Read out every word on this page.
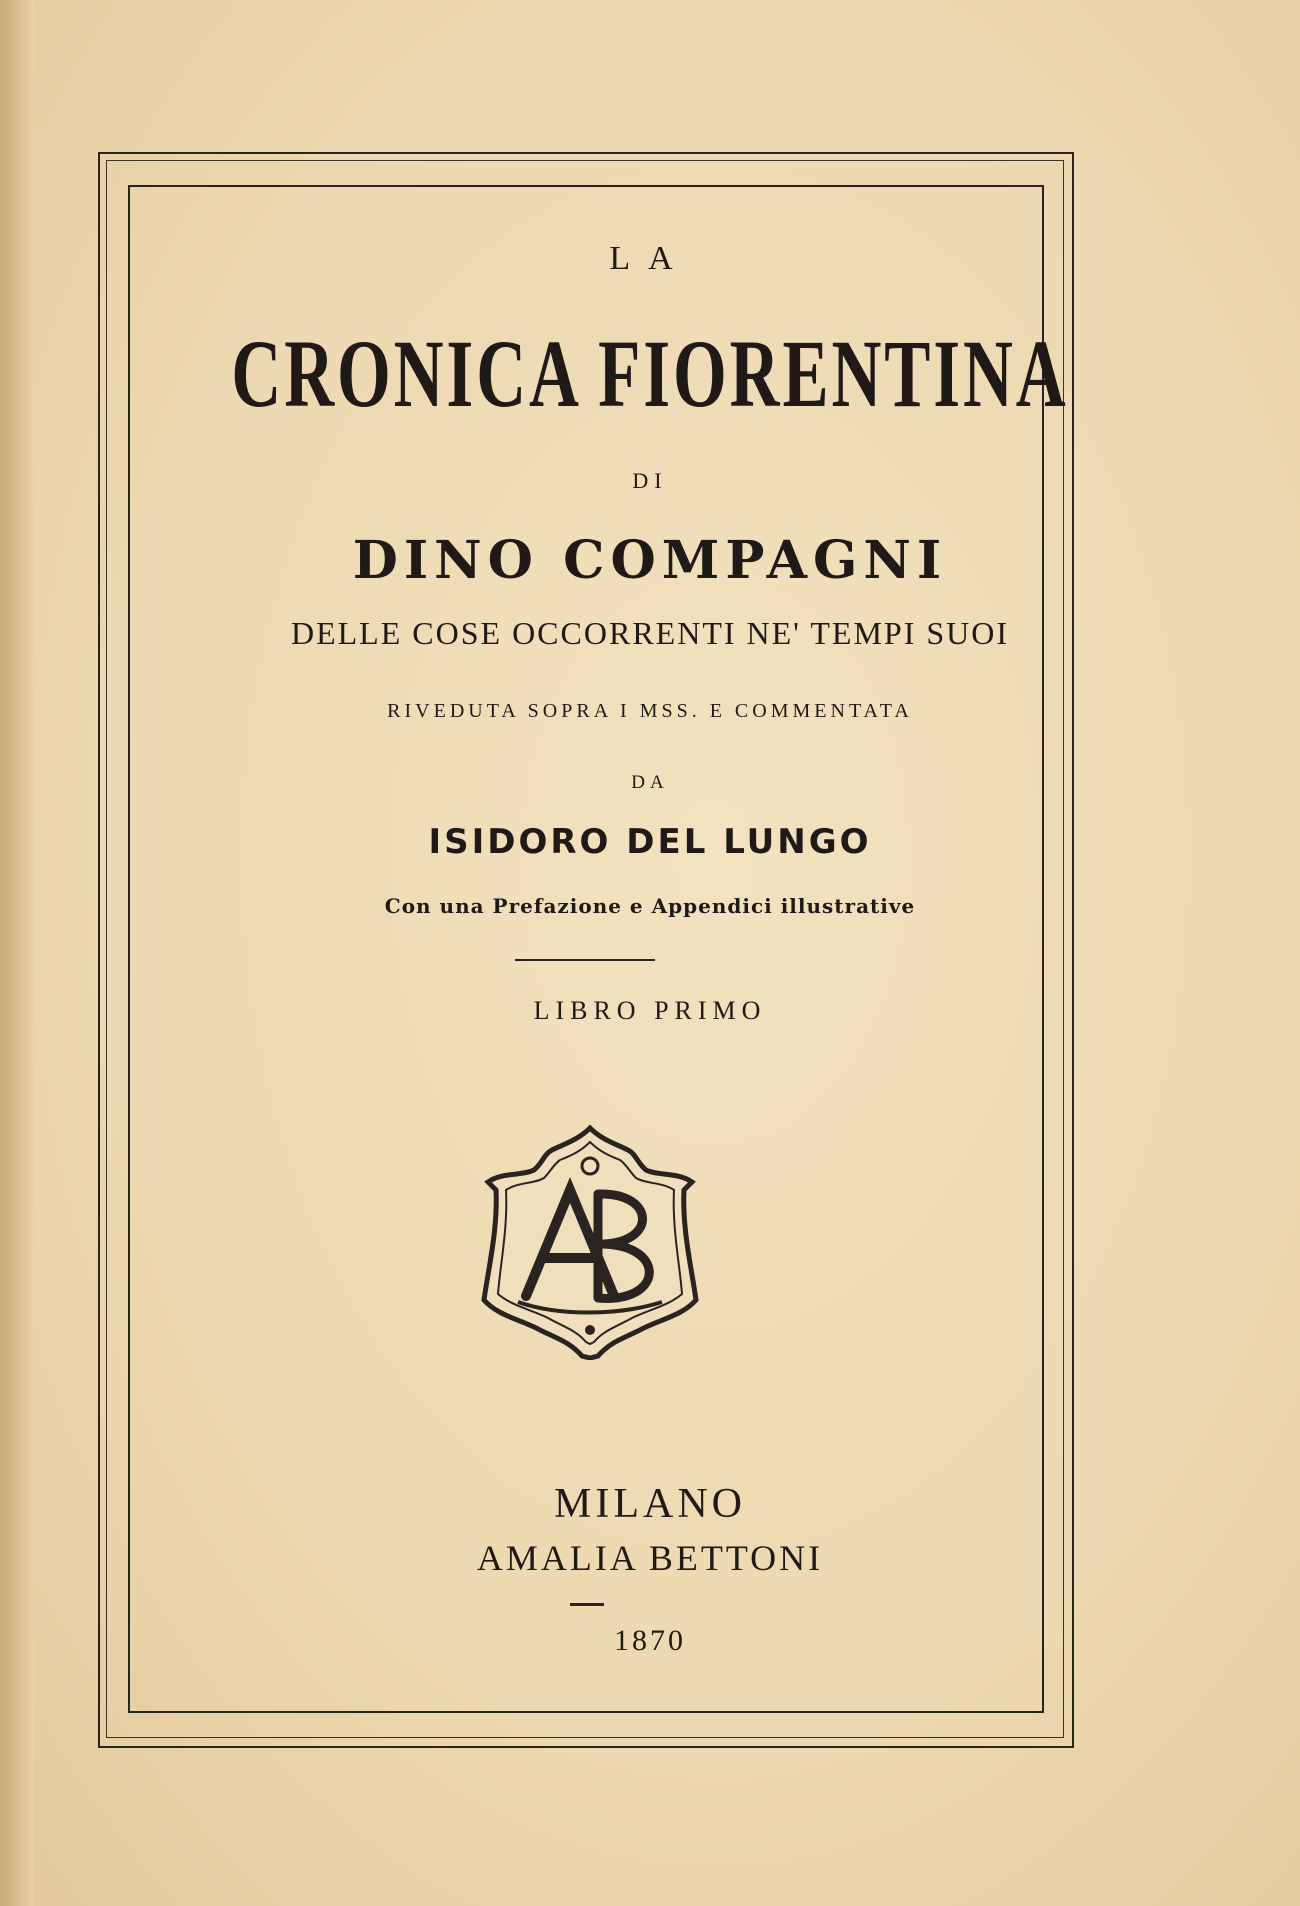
LA
CRONICA FIORENTINA
DI
DINO COMPAGNI
DELLE COSE OCCORRENTI NE' TEMPI SUOI
RIVEDUTA SOPRA I MSS. E COMMENTATA
DA
ISIDORO DEL LUNGO
Con una Prefazione e Appendici illustrative
LIBRO PRIMO
MILANO
AMALIA BETTONI
1870
